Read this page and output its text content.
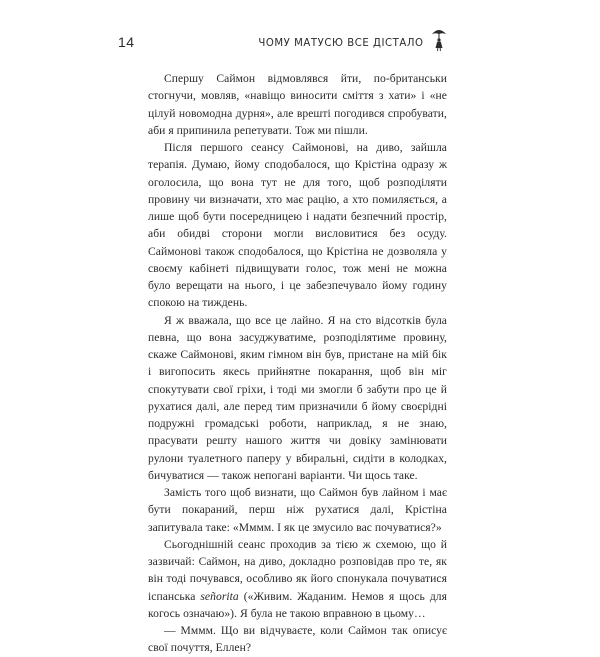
14	ЧОМУ МАТУСЮ ВСЕ ДІСТАЛО

Спершу Саймон відмовлявся йти, по-британськи стогнучи, мовляв, «навіщо виносити сміття з хати» і «не цілуй новомодна дурня», але врешті погодився спробувати, аби я припинила репетувати. Тож ми пішли.

Після першого сеансу Саймонові, на диво, зайшла терапія. Думаю, йому сподобалося, що Крістіна одразу ж оголосила, що вона тут не для того, щоб розподіляти провину чи визначати, хто має рацію, а хто помиляється, а лише щоб бути посередницею і надати безпечний простір, аби обидві сторони могли висловитися без осуду. Саймонові також сподобалося, що Крістіна не дозволяла у своєму кабінеті підвищувати голос, тож мені не можна було верещати на нього, і це забезпечувало йому годину спокою на тиждень.

Я ж вважала, що все це лайно. Я на сто відсотків була певна, що вона засуджуватиме, розподілятиме провину, скаже Саймонові, яким гімном він був, пристане на мій бік і вигопосить якесь прийнятне покарання, щоб він міг спокутувати свої гріхи, і тоді ми змогли б забути про це й рухатися далі, але перед тим призначили б йому своєрідні подружні громадські роботи, наприклад, я не знаю, прасувати решту нашого життя чи довіку замінювати рулони туалетного паперу у вбиральні, сидіти в колодках, бичуватися — також непогані варіанти. Чи щось таке.

Замість того щоб визнати, що Саймон був лайном і має бути покараний, перш ніж рухатися далі, Крістіна запитувала таке: «Мммм. І як це змусило вас почуватися?»

Сьогоднішній сеанс проходив за тією ж схемою, що й зазвичай: Саймон, на диво, докладно розповідав про те, як він тоді почувався, особливо як його спонукала почуватися іспанська señorita («Живим. Жаданим. Немов я щось для когось означаю»). Я була не такою вправною в цьому…

— Мммм. Що ви відчуваєте, коли Саймон так описує свої почуття, Еллен?
